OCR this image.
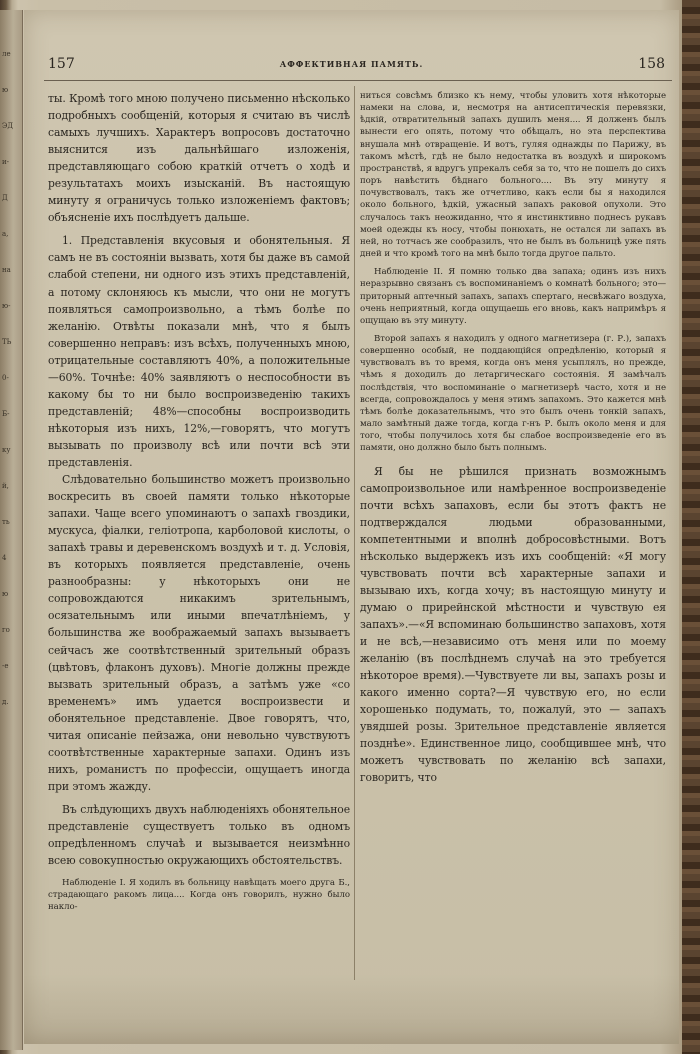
ле
ю
ЭД
и-
Д
а,
на
ю-
ТЬ
0-
Б-
ку
й,
ть
4
ю
го
-е
д.
157	АФФЕКТИВНАЯ ПАМЯТЬ.	158

ты. Кромѣ того мною получено письменно нѣсколько подробныхъ сообщеній, которыя я считаю въ числѣ самыхъ лучшихъ. Характеръ вопросовъ достаточно выяснится изъ дальнѣйшаго изложенія, представляющаго собою краткій отчетъ о ходѣ и результатахъ моихъ изысканій. Въ настоящую минуту я ограничусь только изложеніемъ фактовъ; объясненіе ихъ послѣдуетъ дальше.

1. Представленія вкусовыя и обонятельныя. Я самъ не въ состояніи вызвать, хотя бы даже въ самой слабой степени, ни одного изъ этихъ представленій, а потому склоняюсь къ мысли, что они не могутъ появляться самопроизвольно, а тѣмъ болѣе по желанію. Отвѣты показали мнѣ, что я былъ совершенно неправъ: изъ всѣхъ, полученныхъ мною, отрицательные составляютъ 40%, а положительные—60%. Точнѣе: 40% заявляютъ о неспособности въ какому бы то ни было воспроизведенію такихъ представленій; 48%—способны воспроизводить нѣкоторыя изъ нихъ, 12%,—говорятъ, что могутъ вызывать по произволу всѣ или почти всѣ эти представленія.

Слѣдовательно большинство можетъ произвольно воскресить въ своей памяти только нѣкоторые запахи. Чаще всего упоминаютъ о запахѣ гвоздики, мускуса, фіалки, геліотропа, карболовой кислоты, о запахѣ травы и деревенскомъ воздухѣ и т. д. Условія, въ которыхъ появляется представленіе, очень разнообразны: у нѣкоторыхъ они не сопровождаются никакимъ зрительнымъ, осязательнымъ или иными впечатлѣніемъ, у большинства же воображаемый запахъ вызываетъ сейчасъ же соотвѣтственный зрительный образъ (цвѣтовъ, флаконъ духовъ). Многіе должны прежде вызвать зрительный образъ, а затѣмъ уже «со временемъ» имъ удается воспроизвести и обонятельное представленіе. Двое говорятъ, что, читая описаніе пейзажа, они невольно чувствуютъ соотвѣтственные характерные запахи. Одинъ изъ нихъ, романистъ по профессіи, ощущаетъ иногда при этомъ жажду.

Въ слѣдующихъ двухъ наблюденіяхъ обонятельное представленіе существуетъ только въ одномъ опредѣленномъ случаѣ и вызывается неизмѣнно всею совокупностью окружающихъ обстоятельствъ.

Наблюденіе I. Я ходилъ въ больницу навѣщать моего друга Б., страдающаго ракомъ лица.... Когда онъ говорилъ, нужно было накло-

ниться совсѣмъ близко къ нему, чтобы уловить хотя нѣкоторые намеки на слова, и, несмотря на антисептическія перевязки, ѣдкій, отвратительный запахъ душилъ меня.... Я долженъ былъ вынести его опять, потому что обѣщалъ, но эта перспектива внушала мнѣ отвращеніе. И вотъ, гуляя однажды по Парижу, въ такомъ мѣстѣ, гдѣ не было недостатка въ воздухѣ и широкомъ пространствѣ, я вдругъ упрекалъ себя за то, что не пошелъ до сихъ поръ навѣстить бѣднаго больного.... Въ эту минуту я почувствовалъ, такъ же отчетливо, какъ если бы я находился около больного, ѣдкій, ужасный запахъ раковой опухоли. Это случалось такъ неожиданно, что я инстинктивно поднесъ рукавъ моей одежды къ носу, чтобы понюхать, не остался ли запахъ въ ней, но тотчасъ же сообразилъ, что не былъ въ больницѣ уже пять дней и что кромѣ того на мнѣ было тогда другое пальто.

Наблюденіе II. Я помню только два запаха; одинъ изъ нихъ неразрывно связанъ съ воспоминаніемъ о комнатѣ больного; это—приторный аптечный запахъ, запахъ спертаго, несвѣжаго воздуха, очень неприятный, когда ощущаешь его вновь, какъ напримѣръ я ощущаю въ эту минуту.

Второй запахъ я находилъ у одного магнетизера (г. Р.), запахъ совершенно особый, не поддающійся опредѣленію, который я чувствовалъ въ то время, когда онъ меня усыплялъ, но прежде, чѣмъ я доходилъ до летаргическаго состоянія. Я замѣчалъ послѣдствія, что воспоминаніе о магнетизерѣ часто, хотя и не всегда, сопровождалось у меня этимъ запахомъ. Это кажется мнѣ тѣмъ болѣе доказательнымъ, что это былъ очень тонкій запахъ, мало замѣтный даже тогда, когда г-нъ Р. былъ около меня и для того, чтобы получилось хотя бы слабое воспроизведеніе его въ памяти, оно должно было быть полнымъ.

Я бы не рѣшился признать возможнымъ самопроизвольное или намѣренное воспроизведеніе почти всѣхъ запаховъ, если бы этотъ фактъ не подтверждался людьми образованными, компетентными и вполнѣ добросовѣстными. Вотъ нѣсколько выдержекъ изъ ихъ сообщеній: «Я могу чувствовать почти всѣ характерные запахи и вызываю ихъ, когда хочу; въ настоящую минуту и думаю о прирейнской мѣстности и чувствую ея запахъ».—«Я вспоминаю большинство запаховъ, хотя и не всѣ,—независимо отъ меня или по моему желанію (въ послѣднемъ случаѣ на это требуется нѣкоторое время).—Чувствуете ли вы, запахъ розы и какого именно сорта?—Я чувствую его, но если хорошенько подумать, то, пожалуй, это — запахъ увядшей розы. Зрительное представленіе является позднѣе». Единственное лицо, сообщившее мнѣ, что можетъ чувствовать по желанію всѣ запахи, говоритъ, что
